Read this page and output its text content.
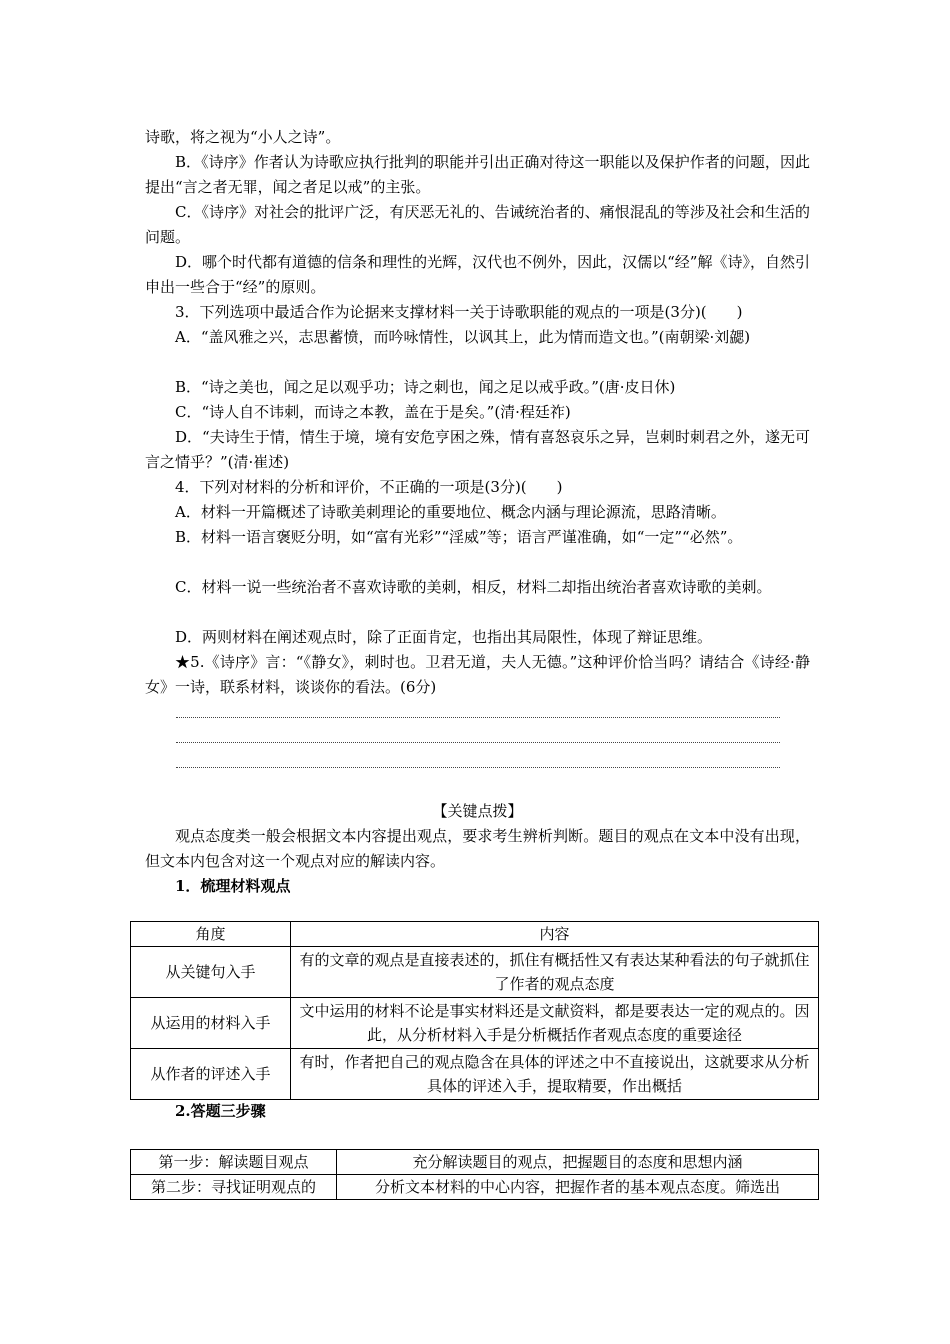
诗歌，将之视为“小人之诗”。

B．《诗序》作者认为诗歌应执行批判的职能并引出正确对待这一职能以及保护作者的问题，因此提出“言之者无罪，闻之者足以戒”的主张。

C．《诗序》对社会的批评广泛，有厌恶无礼的、告诫统治者的、痛恨混乱的等涉及社会和生活的问题。

D．哪个时代都有道德的信条和理性的光辉，汉代也不例外，因此，汉儒以“经”解《诗》，自然引申出一些合于“经”的原则。

3．下列选项中最适合作为论据来支撑材料一关于诗歌职能的观点的一项是(3分)(　　)

A．“盖风雅之兴，志思蓄愤，而吟咏情性，以讽其上，此为情而造文也。”(南朝梁·刘勰)

B．“诗之美也，闻之足以观乎功；诗之刺也，闻之足以戒乎政。”(唐·皮日休)

C．“诗人自不讳刺，而诗之本教，盖在于是矣。”(清·程廷祚)

D．“夫诗生于情，情生于境，境有安危亨困之殊，情有喜怒哀乐之异，岂刺时刺君之外，遂无可言之情乎？”(清·崔述)

4．下列对材料的分析和评价，不正确的一项是(3分)(　　)

A．材料一开篇概述了诗歌美刺理论的重要地位、概念内涵与理论源流，思路清晰。

B．材料一语言褒贬分明，如“富有光彩”“淫威”等；语言严谨准确，如“一定”“必然”。

C．材料一说一些统治者不喜欢诗歌的美刺，相反，材料二却指出统治者喜欢诗歌的美刺。

D．两则材料在阐述观点时，除了正面肯定，也指出其局限性，体现了辩证思维。

★5.《诗序》言：“《静女》，刺时也。卫君无道，夫人无德。”这种评价恰当吗？请结合《诗经·静女》一诗，联系材料，谈谈你的看法。(6分)

【关键点拨】

观点态度类一般会根据文本内容提出观点，要求考生辨析判断。题目的观点在文本中没有出现，但文本内包含对这一个观点对应的解读内容。

1．梳理材料观点

角度	内容
从关键句入手	有的文章的观点是直接表述的，抓住有概括性又有表达某种看法的句子就抓住了作者的观点态度
从运用的材料入手	文中运用的材料不论是事实材料还是文献资料，都是要表达一定的观点的。因此，从分析材料入手是分析概括作者观点态度的重要途径
从作者的评述入手	有时，作者把自己的观点隐含在具体的评述之中不直接说出，这就要求从分析具体的评述入手，提取精要，作出概括

2.答题三步骤

第一步：解读题目观点	充分解读题目的观点，把握题目的态度和思想内涵
第二步：寻找证明观点的	分析文本材料的中心内容，把握作者的基本观点态度。筛选出
